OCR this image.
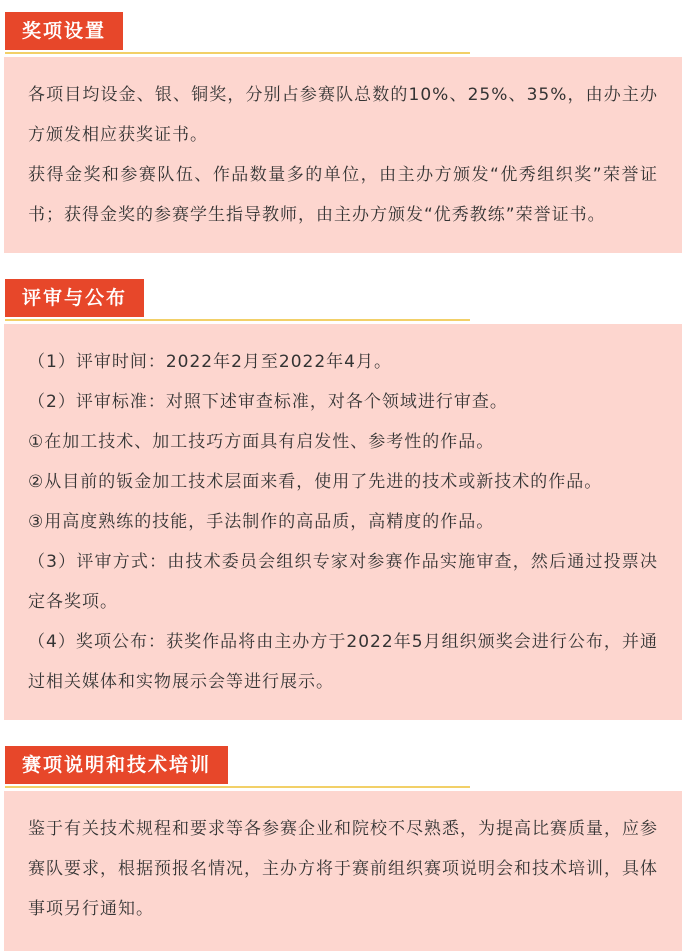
奖项设置

各项目均设金、银、铜奖，分别占参赛队总数的10%、25%、35%，由办主办方颁发相应获奖证书。

获得金奖和参赛队伍、作品数量多的单位，由主办方颁发“优秀组织奖”荣誉证书；获得金奖的参赛学生指导教师，由主办方颁发“优秀教练”荣誉证书。

评审与公布

（1）评审时间：2022年2月至2022年4月。

（2）评审标准：对照下述审查标准，对各个领域进行审查。

①在加工技术、加工技巧方面具有启发性、参考性的作品。

②从目前的钣金加工技术层面来看，使用了先进的技术或新技术的作品。

③用高度熟练的技能，手法制作的高品质，高精度的作品。

（3）评审方式：由技术委员会组织专家对参赛作品实施审查，然后通过投票决定各奖项。

（4）奖项公布：获奖作品将由主办方于2022年5月组织颁奖会进行公布，并通过相关媒体和实物展示会等进行展示。

赛项说明和技术培训

鉴于有关技术规程和要求等各参赛企业和院校不尽熟悉，为提高比赛质量，应参赛队要求，根据预报名情况，主办方将于赛前组织赛项说明会和技术培训，具体事项另行通知。
